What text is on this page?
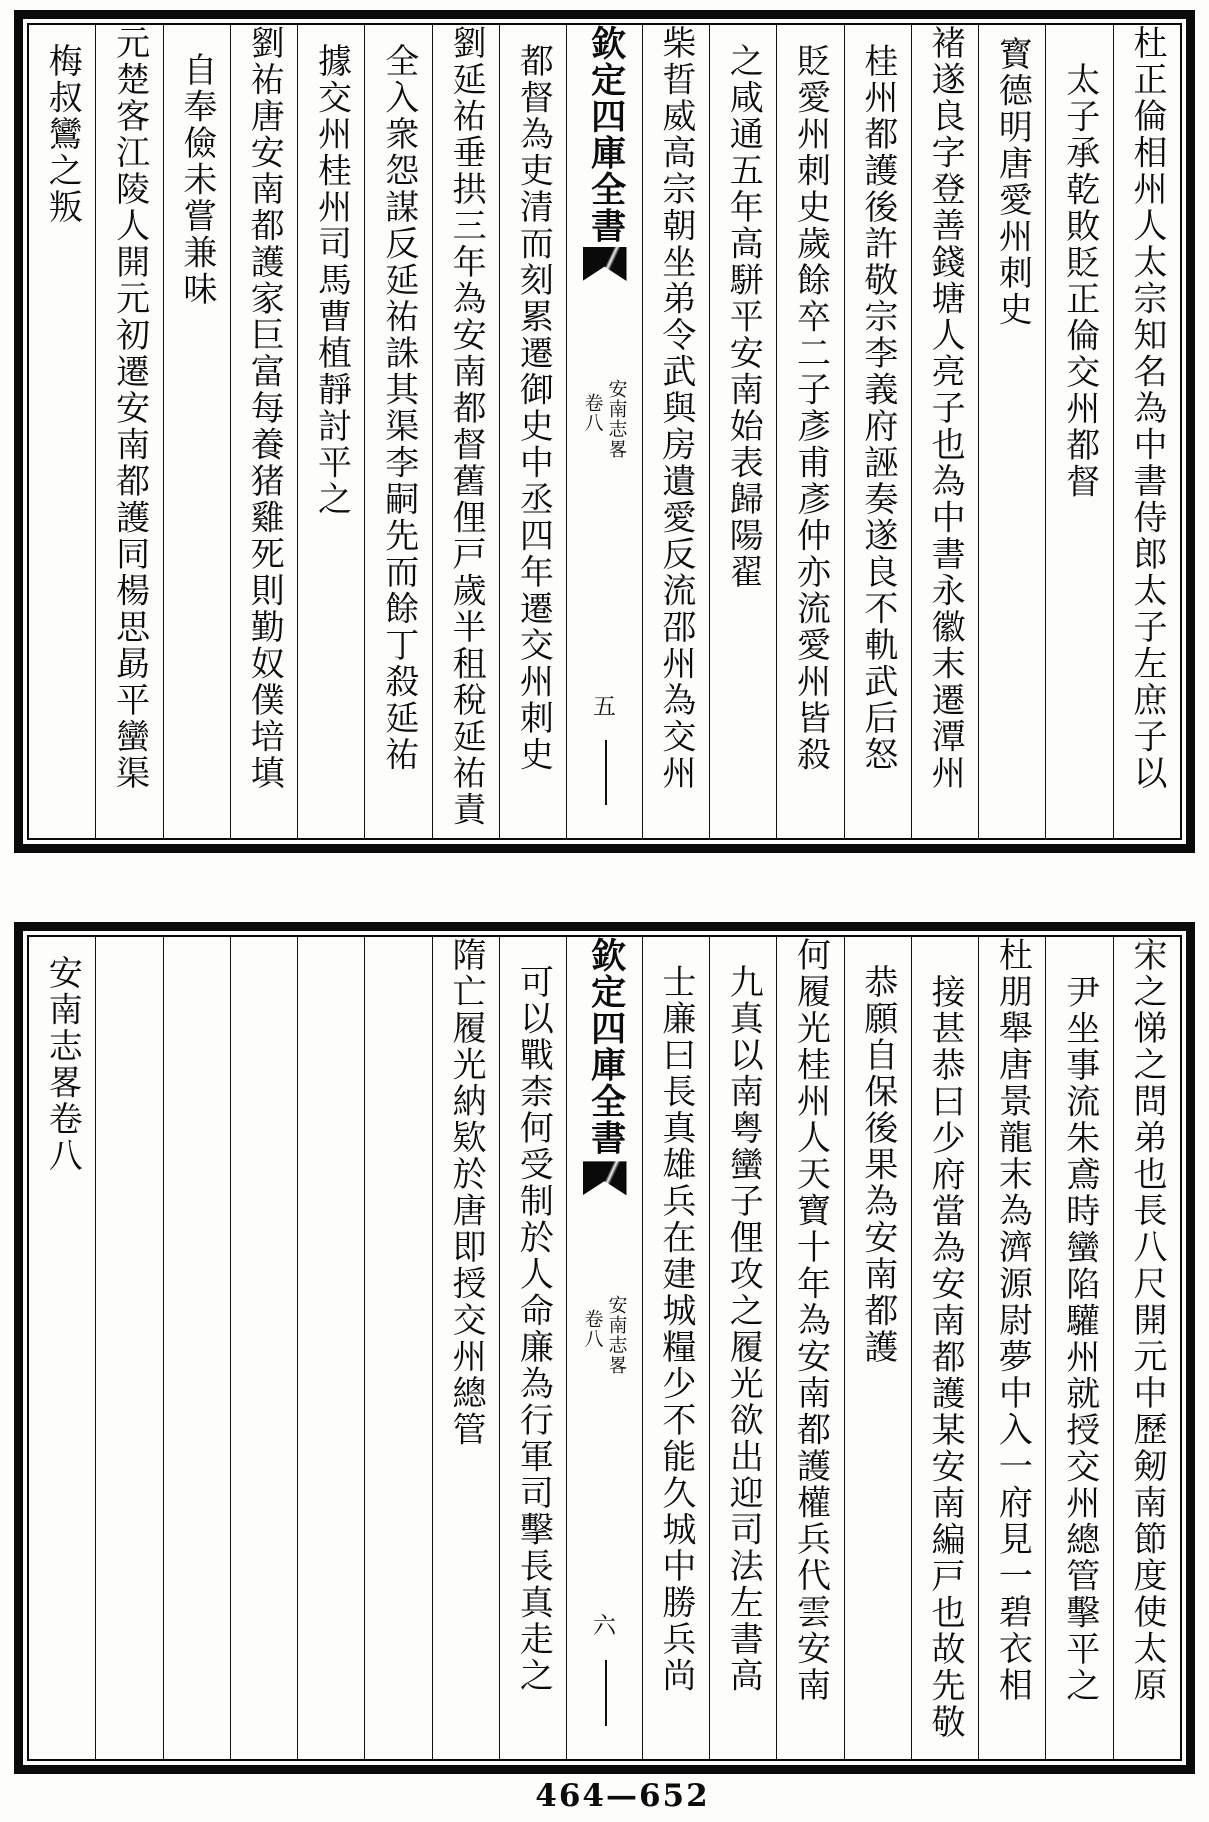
杜正倫相州人太宗知名為中書侍郎太子左庶子以
太子承乾敗貶正倫交州都督
寳德明唐愛州刺史
褚遂良字登善錢塘人亮子也為中書永徽末遷潭州
桂州都護後許敬宗李義府誣奏遂良不軌武后怒
貶愛州刺史歲餘卒二子彥甫彥仲亦流愛州皆殺
之咸通五年高駢平安南始表歸陽翟
柴晢威高宗朝坐弟令武與房遺愛反流邵州為交州
欽定四庫全書
安南志畧
卷八
五
都督為吏清而刻累遷御史中丞四年遷交州刺史
劉延祐垂拱三年為安南都督舊俚戸歲半租稅延祐責
全入衆怨謀反延祐誅其渠李嗣先而餘丁殺延祐
據交州桂州司馬曹植靜討平之
劉祐唐安南都護家巨富每養猪雞死則勤奴僕培填
自奉儉未嘗兼味
元楚客江陵人開元初遷安南都護同楊思勗平蠻渠
梅叔鸞之叛
宋之悌之問弟也長八尺開元中歷剱南節度使太原
尹坐事流朱鳶時蠻陷驩州就授交州總管擊平之
杜朋舉唐景龍末為濟源尉夢中入一府見一碧衣相
接甚恭曰少府當為安南都護某安南編戸也故先敬
恭願自保後果為安南都護
何履光桂州人天寶十年為安南都護權兵代雲安南
九真以南粤蠻子俚攻之履光欲出迎司法左書高
士廉曰長真雄兵在建城糧少不能久城中勝兵尚
欽定四庫全書
安南志畧
卷八
六
可以戰柰何受制於人命廉為行軍司擊長真走之
隋亡履光納欵於唐即授交州總管
安南志畧卷八
464—652
